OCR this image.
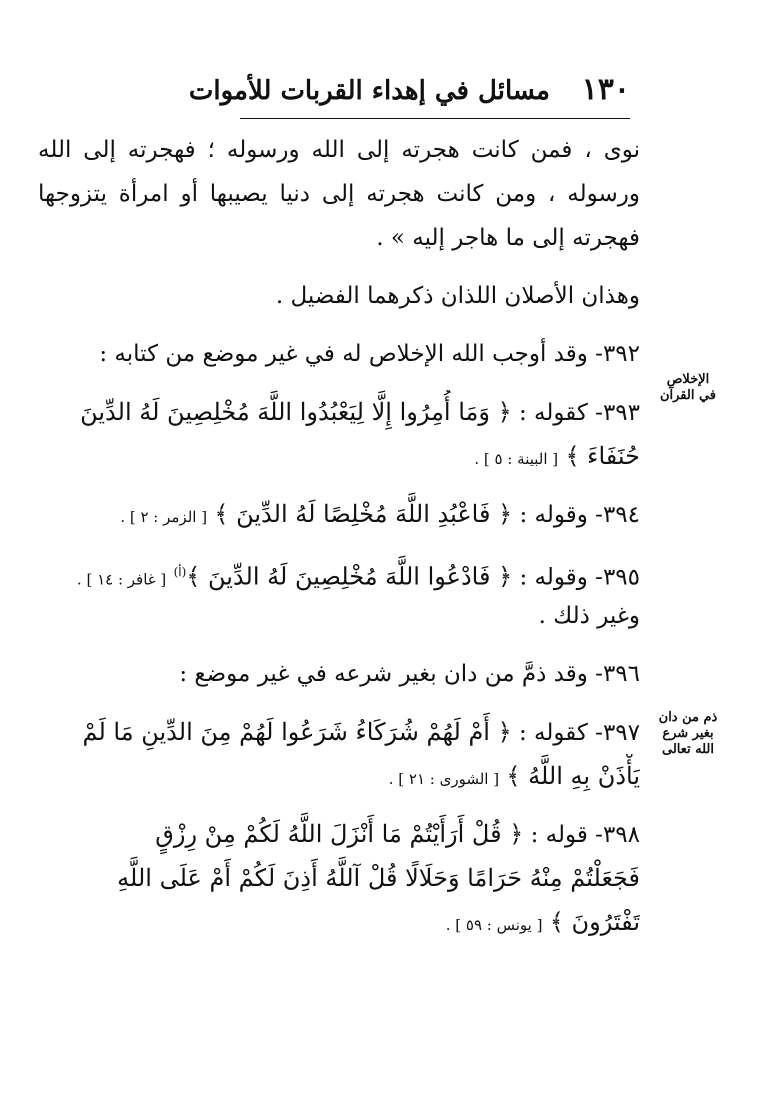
١٣٠
مسائل في إهداء القربات للأموات
الإخلاص
في القرآن
ذم من دان
بغير شرع
الله تعالى
نوى ، فمن كانت هجرته إلى الله ورسوله ؛ فهجرته إلى الله
ورسوله ، ومن كانت هجرته إلى دنيا يصيبها أو امرأة يتزوجها
فهجرته إلى ما هاجر إليه » .
وهذان الأصلان اللذان ذكرهما الفضيل .
٣٩٢- وقد أوجب الله الإخلاص له في غير موضع من كتابه :
٣٩٣- كقوله : ﴿ وَمَا أُمِرُوا إِلَّا لِيَعْبُدُوا اللَّهَ مُخْلِصِينَ لَهُ الدِّينَ
حُنَفَاءَ ﴾ [ البينة : ٥ ] .
٣٩٤- وقوله : ﴿ فَاعْبُدِ اللَّهَ مُخْلِصًا لَهُ الدِّينَ ﴾ [ الزمر : ٢ ] .
٣٩٥- وقوله : ﴿ فَادْعُوا اللَّهَ مُخْلِصِينَ لَهُ الدِّينَ ﴾$^{(أ)}$ [ غافر : ١٤ ] .
وغير ذلك .
٣٩٦- وقد ذمَّ من دان بغير شرعه في غير موضع :
٣٩٧- كقوله : ﴿ أَمْ لَهُمْ شُرَكَاءُ شَرَعُوا لَهُمْ مِنَ الدِّينِ مَا لَمْ
يَأْذَنْ بِهِ اللَّهُ ﴾ [ الشورى : ٢١ ] .
٣٩٨- قوله : ﴿ قُلْ أَرَأَيْتُمْ مَا أَنْزَلَ اللَّهُ لَكُمْ مِنْ رِزْقٍ
فَجَعَلْتُمْ مِنْهُ حَرَامًا وَحَلَالًا قُلْ آللَّهُ أَذِنَ لَكُمْ أَمْ عَلَى اللَّهِ
تَفْتَرُونَ ﴾ [ يونس : ٥٩ ] .
